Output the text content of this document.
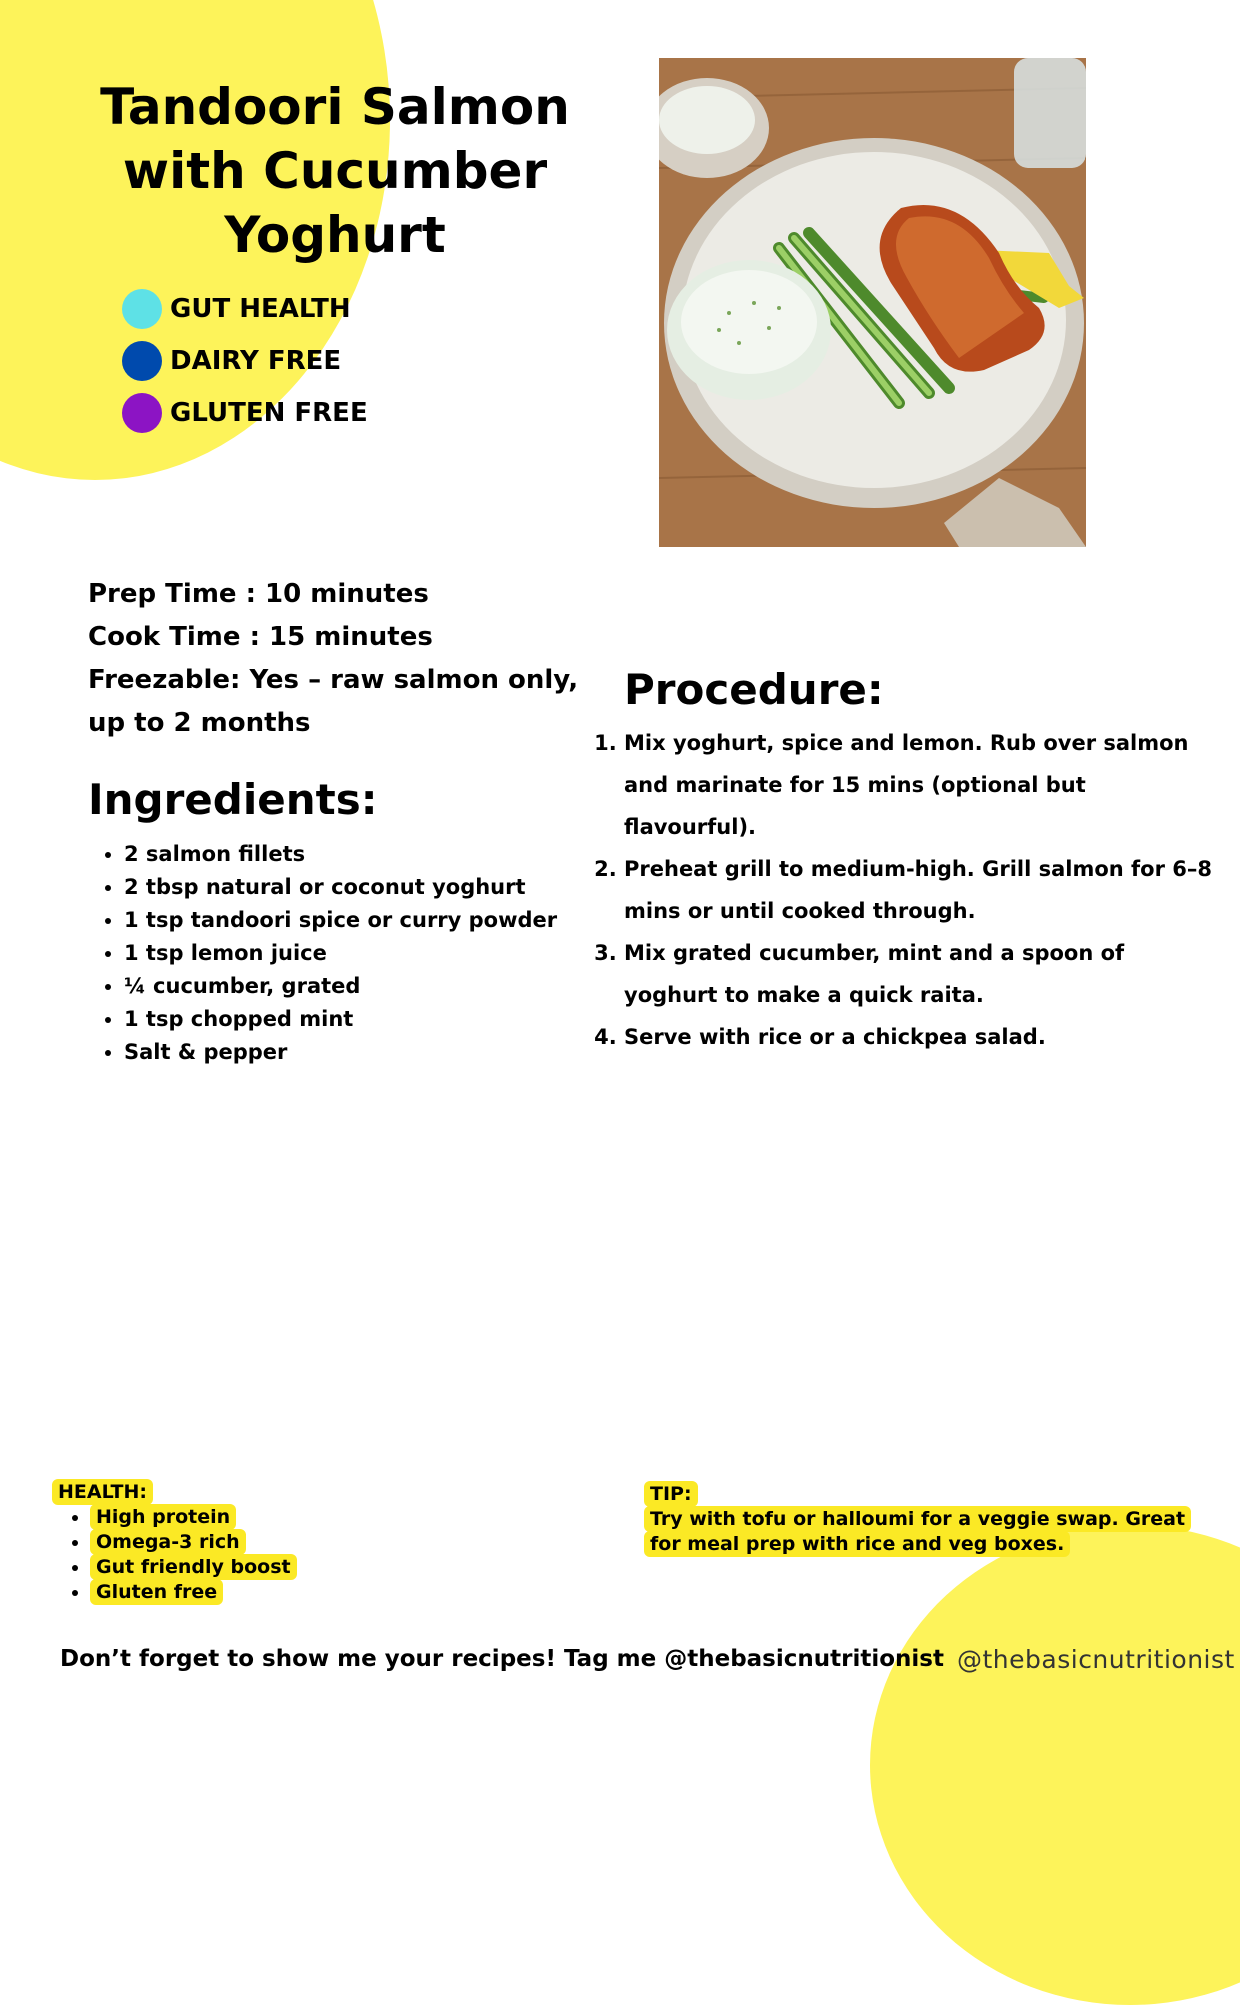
Tandoori Salmon with Cucumber Yoghurt
GUT HEALTH
DAIRY FREE
GLUTEN FREE
Prep Time : 10 minutes
Cook Time : 15 minutes
Freezable: Yes – raw salmon only, up to 2 months
Ingredients:
• 2 salmon fillets
• 2 tbsp natural or coconut yoghurt
• 1 tsp tandoori spice or curry powder
• 1 tsp lemon juice
• ¼ cucumber, grated
• 1 tsp chopped mint
• Salt & pepper
Procedure:
1. Mix yoghurt, spice and lemon. Rub over salmon and marinate for 15 mins (optional but flavourful).
2. Preheat grill to medium-high. Grill salmon for 6–8 mins or until cooked through.
3. Mix grated cucumber, mint and a spoon of yoghurt to make a quick raita.
4. Serve with rice or a chickpea salad.
HEALTH:
• High protein
• Omega-3 rich
• Gut friendly boost
• Gluten free
TIP:
Try with tofu or halloumi for a veggie swap. Great for meal prep with rice and veg boxes.
Don’t forget to show me your recipes! Tag me @thebasicnutritionist @thebasicnutritionist
